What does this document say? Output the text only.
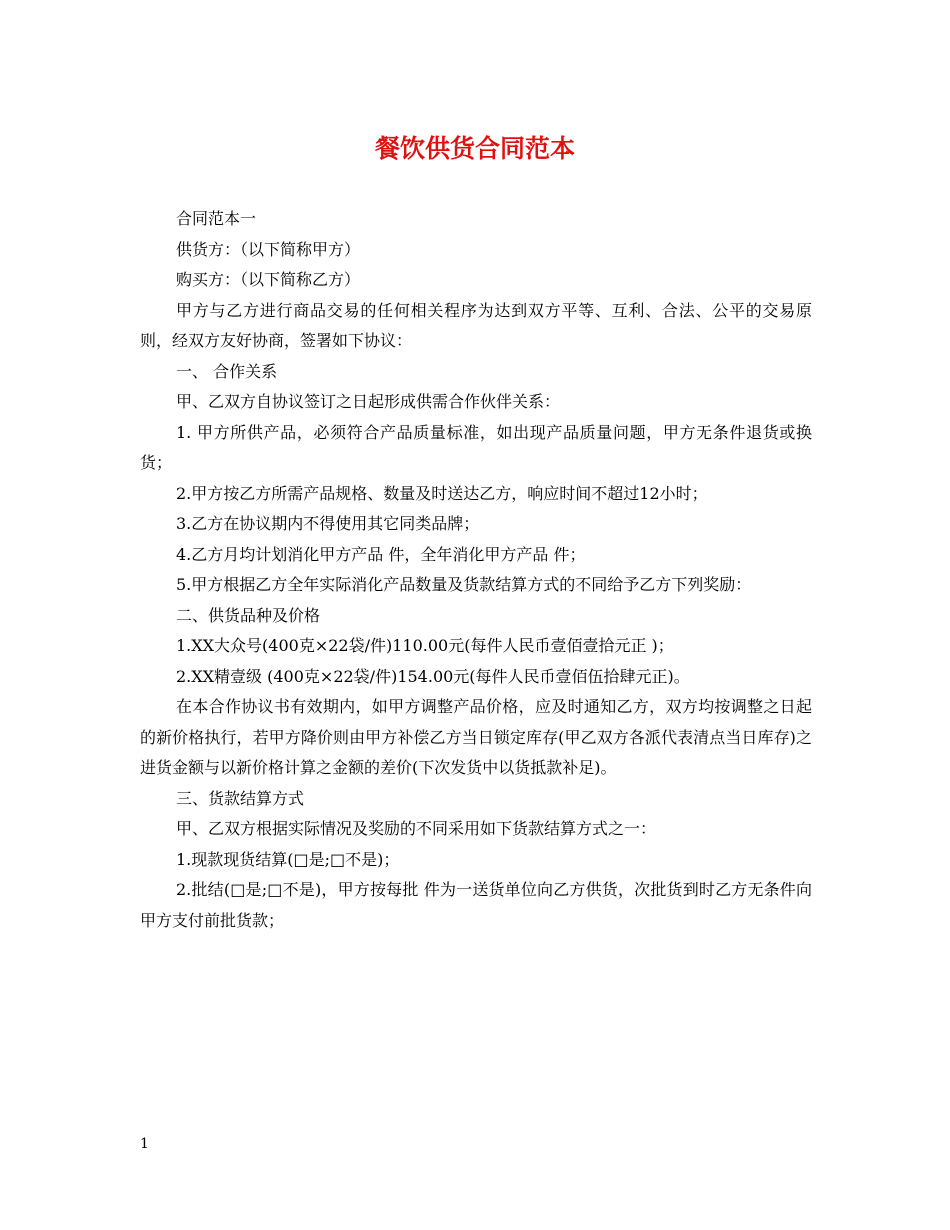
餐饮供货合同范本

合同范本一

供货方：（以下简称甲方）

购买方：（以下简称乙方）

甲方与乙方进行商品交易的任何相关程序为达到双方平等、互利、合法、公平的交易原则，经双方友好协商，签署如下协议：

一、 合作关系

甲、乙双方自协议签订之日起形成供需合作伙伴关系：

1. 甲方所供产品，必须符合产品质量标准，如出现产品质量问题，甲方无条件退货或换货；

2.甲方按乙方所需产品规格、数量及时送达乙方，响应时间不超过12小时；

3.乙方在协议期内不得使用其它同类品牌；

4.乙方月均计划消化甲方产品 件，全年消化甲方产品 件；

5.甲方根据乙方全年实际消化产品数量及货款结算方式的不同给予乙方下列奖励：

二、供货品种及价格

1.XX大众号(400克×22袋/件)110.00元(每件人民币壹佰壹拾元正 )；

2.XX精壹级 (400克×22袋/件)154.00元(每件人民币壹佰伍拾肆元正)。

在本合作协议书有效期内，如甲方调整产品价格，应及时通知乙方，双方均按调整之日起的新价格执行，若甲方降价则由甲方补偿乙方当日锁定库存(甲乙双方各派代表清点当日库存)之进货金额与以新价格计算之金额的差价(下次发货中以货抵款补足)。

三、货款结算方式

甲、乙双方根据实际情况及奖励的不同采用如下货款结算方式之一：

1.现款现货结算(□是;□不是)；

2.批结(□是;□不是)，甲方按每批 件为一送货单位向乙方供货，次批货到时乙方无条件向甲方支付前批货款；

1
